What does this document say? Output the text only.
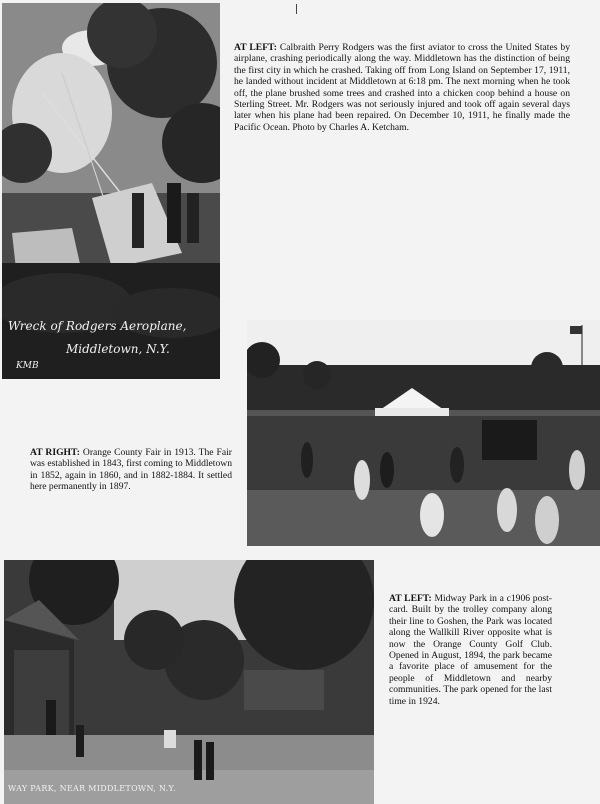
Wreck of Rodgers Aeroplane,
Middletown, N.Y.
KMB
AT LEFT: Calbraith Perry Rodgers was the first aviator to cross the United States by airplane, crashing periodically along the way. Middletown has the distinction of being the first city in which he crashed. Taking off from Long Island on September 17, 1911, he landed without incident at Middletown at 6:18 pm. The next morning when he took off, the plane brushed some trees and crashed into a chicken coop behind a house on Sterling Street. Mr. Rodgers was not seriously injured and took off again several days later when his plane had been repaired. On December 10, 1911, he finally made the Pacific Ocean. Photo by Charles A. Ketcham.
AT RIGHT: Orange County Fair in 1913. The Fair was established in 1843, first coming to Middletown in 1852, again in 1860, and in 1882-1884. It settled here permanently in 1897.
WAY PARK, NEAR MIDDLETOWN, N.Y.
AT LEFT: Midway Park in a c1906 post-card. Built by the trolley company along their line to Goshen, the Park was located along the Wallkill River opposite what is now the Orange County Golf Club. Opened in August, 1894, the park became a favorite place of amusement for the people of Middletown and nearby communities. The park opened for the last time in 1924.
